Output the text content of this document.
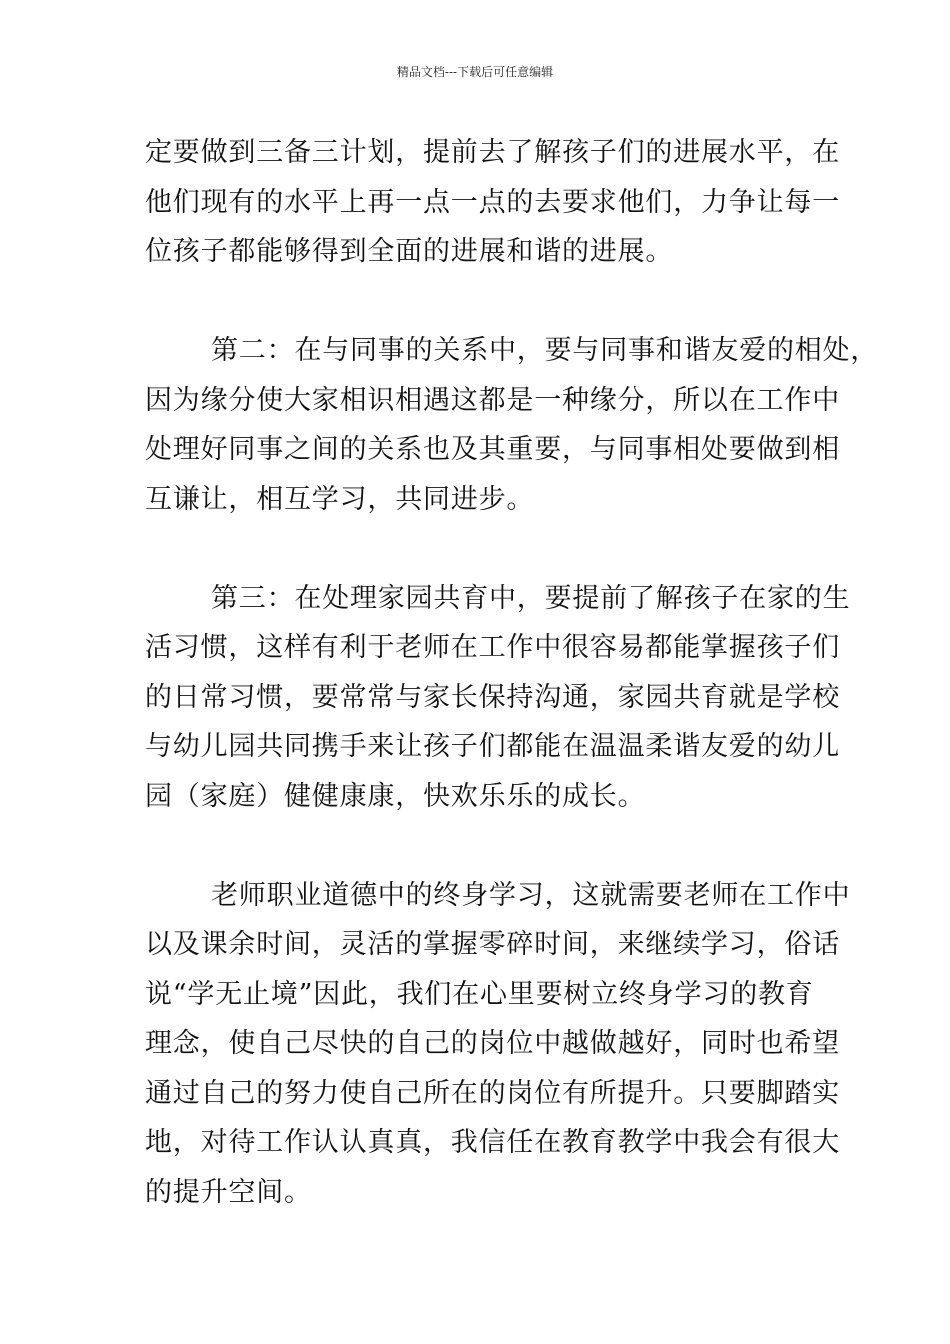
精品文档---下载后可任意编辑
定要做到三备三计划，提前去了解孩子们的进展水平，在
他们现有的水平上再一点一点的去要求他们，力争让每一
位孩子都能够得到全面的进展和谐的进展。
第二：在与同事的关系中，要与同事和谐友爱的相处，
因为缘分使大家相识相遇这都是一种缘分，所以在工作中
处理好同事之间的关系也及其重要，与同事相处要做到相
互谦让，相互学习，共同进步。
第三：在处理家园共育中，要提前了解孩子在家的生
活习惯，这样有利于老师在工作中很容易都能掌握孩子们
的日常习惯，要常常与家长保持沟通，家园共育就是学校
与幼儿园共同携手来让孩子们都能在温温柔谐友爱的幼儿
园（家庭）健健康康，快欢乐乐的成长。
老师职业道德中的终身学习，这就需要老师在工作中
以及课余时间，灵活的掌握零碎时间，来继续学习，俗话
说“学无止境”因此，我们在心里要树立终身学习的教育
理念，使自己尽快的自己的岗位中越做越好，同时也希望
通过自己的努力使自己所在的岗位有所提升。只要脚踏实
地，对待工作认认真真，我信任在教育教学中我会有很大
的提升空间。
